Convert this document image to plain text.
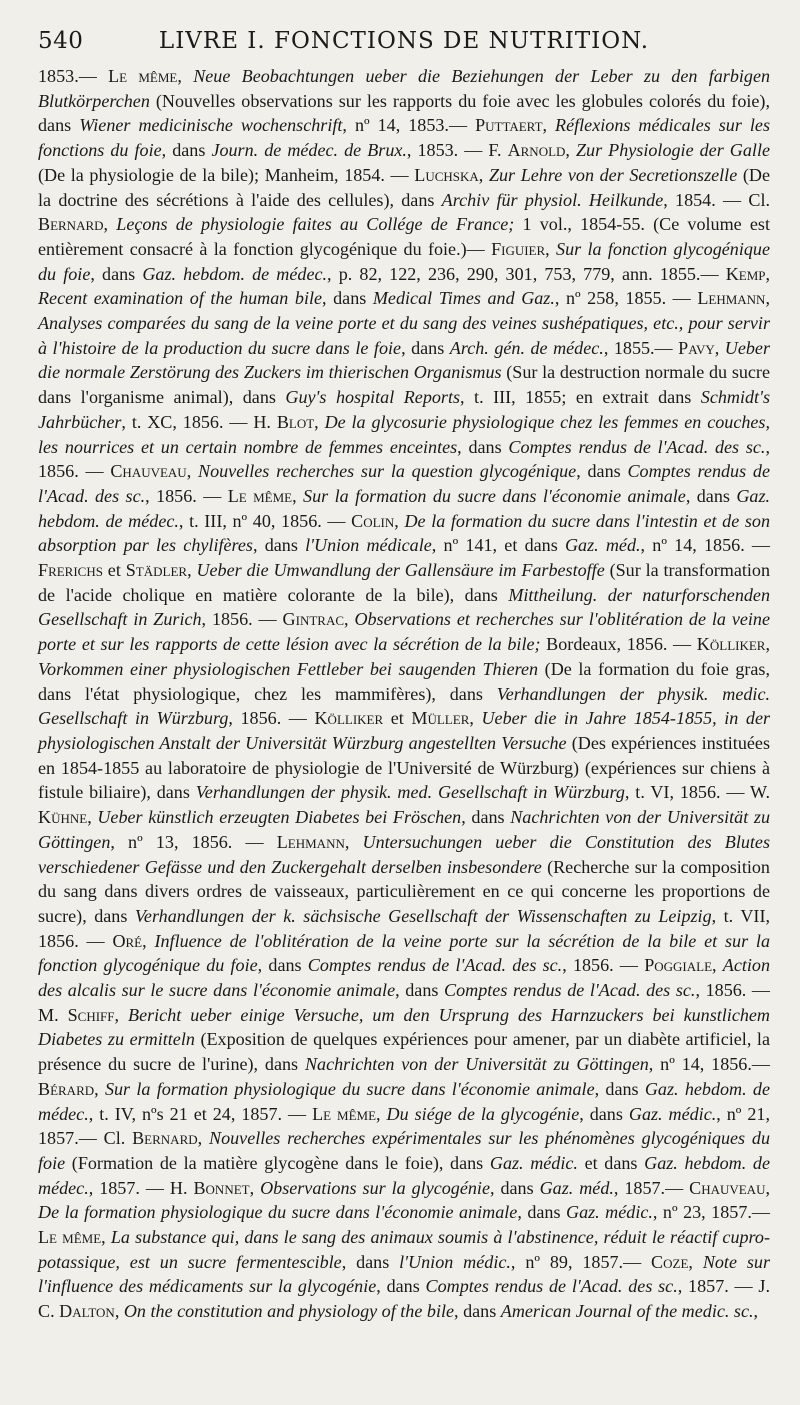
540	LIVRE I. FONCTIONS DE NUTRITION.
1853.— Le même, Neue Beobachtungen ueber die Beziehungen der Leber zu den farbigen Blutkörperchen (Nouvelles observations sur les rapports du foie avec les globules colorés du foie), dans Wiener medicinische wochenschrift, nº 14, 1853.— Puttaert, Réflexions médicales sur les fonctions du foie, dans Journ. de médec. de Brux., 1853. — F. Arnold, Zur Physiologie der Galle (De la physiologie de la bile); Manheim, 1854. — Luchska, Zur Lehre von der Secretionszelle (De la doctrine des sécrétions à l'aide des cellules), dans Archiv für physiol. Heilkunde, 1854. — Cl. Bernard, Leçons de physiologie faites au Collége de France; 1 vol., 1854-55. (Ce volume est entièrement consacré à la fonction glycogénique du foie.)— Figuier, Sur la fonction glycogénique du foie, dans Gaz. hebdom. de médec., p. 82, 122, 236, 290, 301, 753, 779, ann. 1855.— Kemp, Recent examination of the human bile, dans Medical Times and Gaz., nº 258, 1855. — Lehmann, Analyses comparées du sang de la veine porte et du sang des veines sushépatiques, etc., pour servir à l'histoire de la production du sucre dans le foie, dans Arch. gén. de médec., 1855.— Pavy, Ueber die normale Zerstörung des Zuckers im thierischen Organismus (Sur la destruction normale du sucre dans l'organisme animal), dans Guy's hospital Reports, t. III, 1855; en extrait dans Schmidt's Jahrbücher, t. XC, 1856. — H. Blot, De la glycosurie physiologique chez les femmes en couches, les nourrices et un certain nombre de femmes enceintes, dans Comptes rendus de l'Acad. des sc., 1856. — Chauveau, Nouvelles recherches sur la question glycogénique, dans Comptes rendus de l'Acad. des sc., 1856. — Le même, Sur la formation du sucre dans l'économie animale, dans Gaz. hebdom. de médec., t. III, nº 40, 1856. — Colin, De la formation du sucre dans l'intestin et de son absorption par les chylifères, dans l'Union médicale, nº 141, et dans Gaz. méd., nº 14, 1856. — Frerichs et Städler, Ueber die Umwandlung der Gallensäure im Farbestoffe (Sur la transformation de l'acide cholique en matière colorante de la bile), dans Mittheilung. der naturforschenden Gesellschaft in Zurich, 1856. — Gintrac, Observations et recherches sur l'oblitération de la veine porte et sur les rapports de cette lésion avec la sécrétion de la bile; Bordeaux, 1856. — Kölliker, Vorkommen einer physiologischen Fettleber bei saugenden Thieren (De la formation du foie gras, dans l'état physiologique, chez les mammifères), dans Verhandlungen der physik. medic. Gesellschaft in Würzburg, 1856. — Kölliker et Müller, Ueber die in Jahre 1854-1855, in der physiologischen Anstalt der Universität Würzburg angestellten Versuche (Des expériences instituées en 1854-1855 au laboratoire de physiologie de l'Université de Würzburg) (expériences sur chiens à fistule biliaire), dans Verhandlungen der physik. med. Gesellschaft in Würzburg, t. VI, 1856. — W. Kühne, Ueber künstlich erzeugten Diabetes bei Fröschen, dans Nachrichten von der Universität zu Göttingen, nº 13, 1856. — Lehmann, Untersuchungen ueber die Constitution des Blutes verschiedener Gefässe und den Zuckergehalt derselben insbesondere (Recherche sur la composition du sang dans divers ordres de vaisseaux, particulièrement en ce qui concerne les proportions de sucre), dans Verhandlungen der k. sächsische Gesellschaft der Wissenschaften zu Leipzig, t. VII, 1856. — Oré, Influence de l'oblitération de la veine porte sur la sécrétion de la bile et sur la fonction glycogénique du foie, dans Comptes rendus de l'Acad. des sc., 1856. — Poggiale, Action des alcalis sur le sucre dans l'économie animale, dans Comptes rendus de l'Acad. des sc., 1856. — M. Schiff, Bericht ueber einige Versuche, um den Ursprung des Harnzuckers bei kunstlichem Diabetes zu ermitteln (Exposition de quelques expériences pour amener, par un diabète artificiel, la présence du sucre de l'urine), dans Nachrichten von der Universität zu Göttingen, nº 14, 1856.— Bérard, Sur la formation physiologique du sucre dans l'économie animale, dans Gaz. hebdom. de médec., t. IV, nºs 21 et 24, 1857. — Le même, Du siége de la glycogénie, dans Gaz. médic., nº 21, 1857.— Cl. Bernard, Nouvelles recherches expérimentales sur les phénomènes glycogéniques du foie (Formation de la matière glycogène dans le foie), dans Gaz. médic. et dans Gaz. hebdom. de médec., 1857. — H. Bonnet, Observations sur la glycogénie, dans Gaz. méd., 1857.— Chauveau, De la formation physiologique du sucre dans l'économie animale, dans Gaz. médic., nº 23, 1857.— Le même, La substance qui, dans le sang des animaux soumis à l'abstinence, réduit le réactif cupro-potassique, est un sucre fermentescible, dans l'Union médic., nº 89, 1857.— Coze, Note sur l'influence des médicaments sur la glycogénie, dans Comptes rendus de l'Acad. des sc., 1857. — J. C. Dalton, On the constitution and physiology of the bile, dans American Journal of the medic. sc.,
